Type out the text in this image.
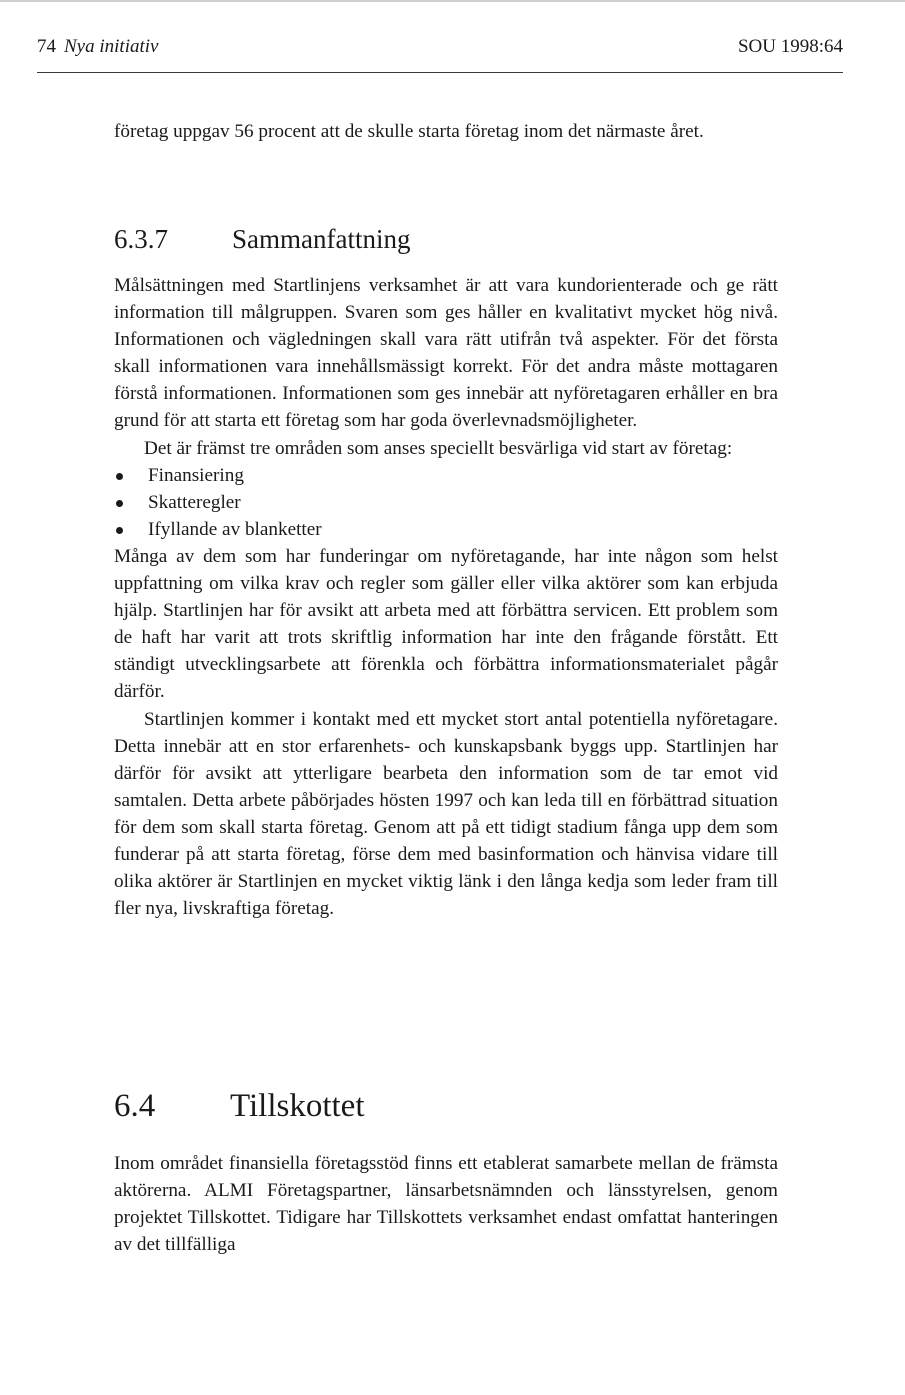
74 Nya initiativ	SOU 1998:64

företag uppgav 56 procent att de skulle starta företag inom det närmaste året.

6.3.7 Sammanfattning

Målsättningen med Startlinjens verksamhet är att vara kundorienterade och ge rätt information till målgruppen. Svaren som ges håller en kvalitativt mycket hög nivå. Informationen och vägledningen skall vara rätt utifrån två aspekter. För det första skall informationen vara innehållsmässigt korrekt. För det andra måste mottagaren förstå informationen. Informationen som ges innebär att nyföretagaren erhåller en bra grund för att starta ett företag som har goda överlevnadsmöjligheter.

Det är främst tre områden som anses speciellt besvärliga vid start av företag:

Finansiering
Skatteregler
Ifyllande av blanketter

Många av dem som har funderingar om nyföretagande, har inte någon som helst uppfattning om vilka krav och regler som gäller eller vilka aktörer som kan erbjuda hjälp. Startlinjen har för avsikt att arbeta med att förbättra servicen. Ett problem som de haft har varit att trots skriftlig information har inte den frågande förstått. Ett ständigt utvecklingsarbete att förenkla och förbättra informationsmaterialet pågår därför.

Startlinjen kommer i kontakt med ett mycket stort antal potentiella nyföretagare. Detta innebär att en stor erfarenhets- och kunskapsbank byggs upp. Startlinjen har därför för avsikt att ytterligare bearbeta den information som de tar emot vid samtalen. Detta arbete påbörjades hösten 1997 och kan leda till en förbättrad situation för dem som skall starta företag. Genom att på ett tidigt stadium fånga upp dem som funderar på att starta företag, förse dem med basinformation och hänvisa vidare till olika aktörer är Startlinjen en mycket viktig länk i den långa kedja som leder fram till fler nya, livskraftiga företag.

6.4 Tillskottet

Inom området finansiella företagsstöd finns ett etablerat samarbete mellan de främsta aktörerna. ALMI Företagspartner, länsarbetsnämnden och länsstyrelsen, genom projektet Tillskottet. Tidigare har Tillskottets verksamhet endast omfattat hanteringen av det tillfälliga
